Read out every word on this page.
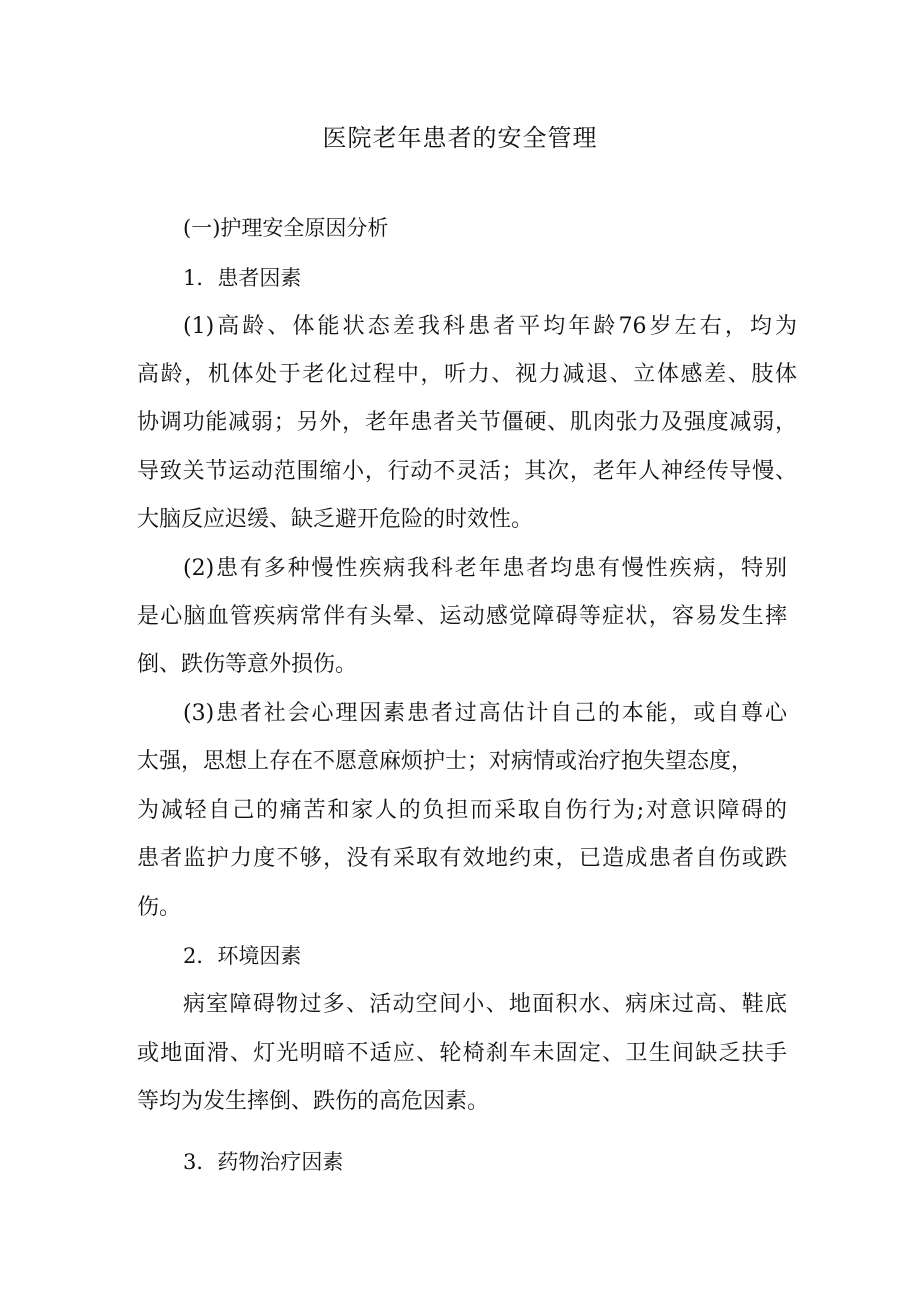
医院老年患者的安全管理

(一)护理安全原因分析

1．患者因素

(1)高龄、体能状态差我科患者平均年龄76岁左右，均为

高龄，机体处于老化过程中，听力、视力减退、立体感差、肢体

协调功能减弱；另外，老年患者关节僵硬、肌肉张力及强度减弱，

导致关节运动范围缩小，行动不灵活；其次，老年人神经传导慢、

大脑反应迟缓、缺乏避开危险的时效性。

(2)患有多种慢性疾病我科老年患者均患有慢性疾病，特别

是心脑血管疾病常伴有头晕、运动感觉障碍等症状，容易发生摔

倒、跌伤等意外损伤。

(3)患者社会心理因素患者过高估计自己的本能，或自尊心

太强，思想上存在不愿意麻烦护士；对病情或治疗抱失望态度，

为减轻自己的痛苦和家人的负担而采取自伤行为;对意识障碍的

患者监护力度不够，没有采取有效地约束，已造成患者自伤或跌

伤。

2．环境因素

病室障碍物过多、活动空间小、地面积水、病床过高、鞋底

或地面滑、灯光明暗不适应、轮椅刹车未固定、卫生间缺乏扶手

等均为发生摔倒、跌伤的高危因素。

3．药物治疗因素
